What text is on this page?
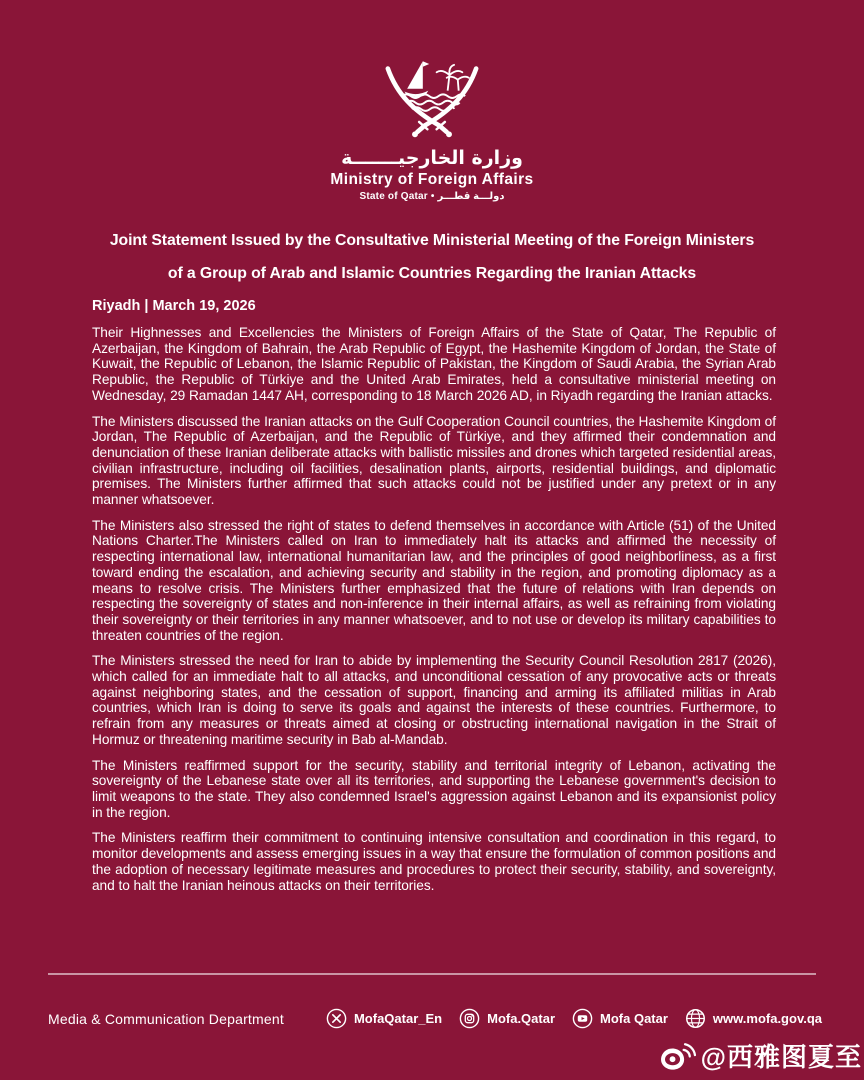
وزارة الخارجيـــــــة
Ministry of Foreign Affairs
State of Qatar • دولـــة قطـــر
Joint Statement Issued by the Consultative Ministerial Meeting of the Foreign Ministers
of a Group of Arab and Islamic Countries Regarding the Iranian Attacks
Riyadh | March 19, 2026

Their Highnesses and Excellencies the Ministers of Foreign Affairs of the State of Qatar, The Republic of Azerbaijan, the Kingdom of Bahrain, the Arab Republic of Egypt, the Hashemite Kingdom of Jordan, the State of Kuwait, the Republic of Lebanon, the Islamic Republic of Pakistan, the Kingdom of Saudi Arabia, the Syrian Arab Republic, the Republic of Türkiye and the United Arab Emirates, held a consultative ministerial meeting on Wednesday, 29 Ramadan 1447 AH, corresponding to 18 March 2026 AD, in Riyadh regarding the Iranian attacks.

The Ministers discussed the Iranian attacks on the Gulf Cooperation Council countries, the Hashemite Kingdom of Jordan, The Republic of Azerbaijan, and the Republic of Türkiye, and they affirmed their condemnation and denunciation of these Iranian deliberate attacks with ballistic missiles and drones which targeted residential areas, civilian infrastructure, including oil facilities, desalination plants, airports, residential buildings, and diplomatic premises. The Ministers further affirmed that such attacks could not be justified under any pretext or in any manner whatsoever.

The Ministers also stressed the right of states to defend themselves in accordance with Article (51) of the United Nations Charter.The Ministers called on Iran to immediately halt its attacks and affirmed the necessity of respecting international law, international humanitarian law, and the principles of good neighborliness, as a first toward ending the escalation, and achieving security and stability in the region, and promoting diplomacy as a means to resolve crisis. The Ministers further emphasized that the future of relations with Iran depends on respecting the sovereignty of states and non-inference in their internal affairs, as well as refraining from violating their sovereignty or their territories in any manner whatsoever, and to not use or develop its military capabilities to threaten countries of the region.

The Ministers stressed the need for Iran to abide by implementing the Security Council Resolution 2817 (2026), which called for an immediate halt to all attacks, and unconditional cessation of any provocative acts or threats against neighboring states, and the cessation of support, financing and arming its affiliated militias in Arab countries, which Iran is doing to serve its goals and against the interests of these countries. Furthermore, to refrain from any measures or threats aimed at closing or obstructing international navigation in the Strait of Hormuz or threatening maritime security in Bab al-Mandab.

The Ministers reaffirmed support for the security, stability and territorial integrity of Lebanon, activating the sovereignty of the Lebanese state over all its territories, and supporting the Lebanese government's decision to limit weapons to the state. They also condemned Israel's aggression against Lebanon and its expansionist policy in the region.

The Ministers reaffirm their commitment to continuing intensive consultation and coordination in this regard, to monitor developments and assess emerging issues in a way that ensure the formulation of common positions and the adoption of necessary legitimate measures and procedures to protect their security, stability, and sovereignty, and to halt the Iranian heinous attacks on their territories.

Media & Communication Department	MofaQatar_En	Mofa.Qatar	Mofa Qatar	www.mofa.gov.qa
@西雅图夏至
